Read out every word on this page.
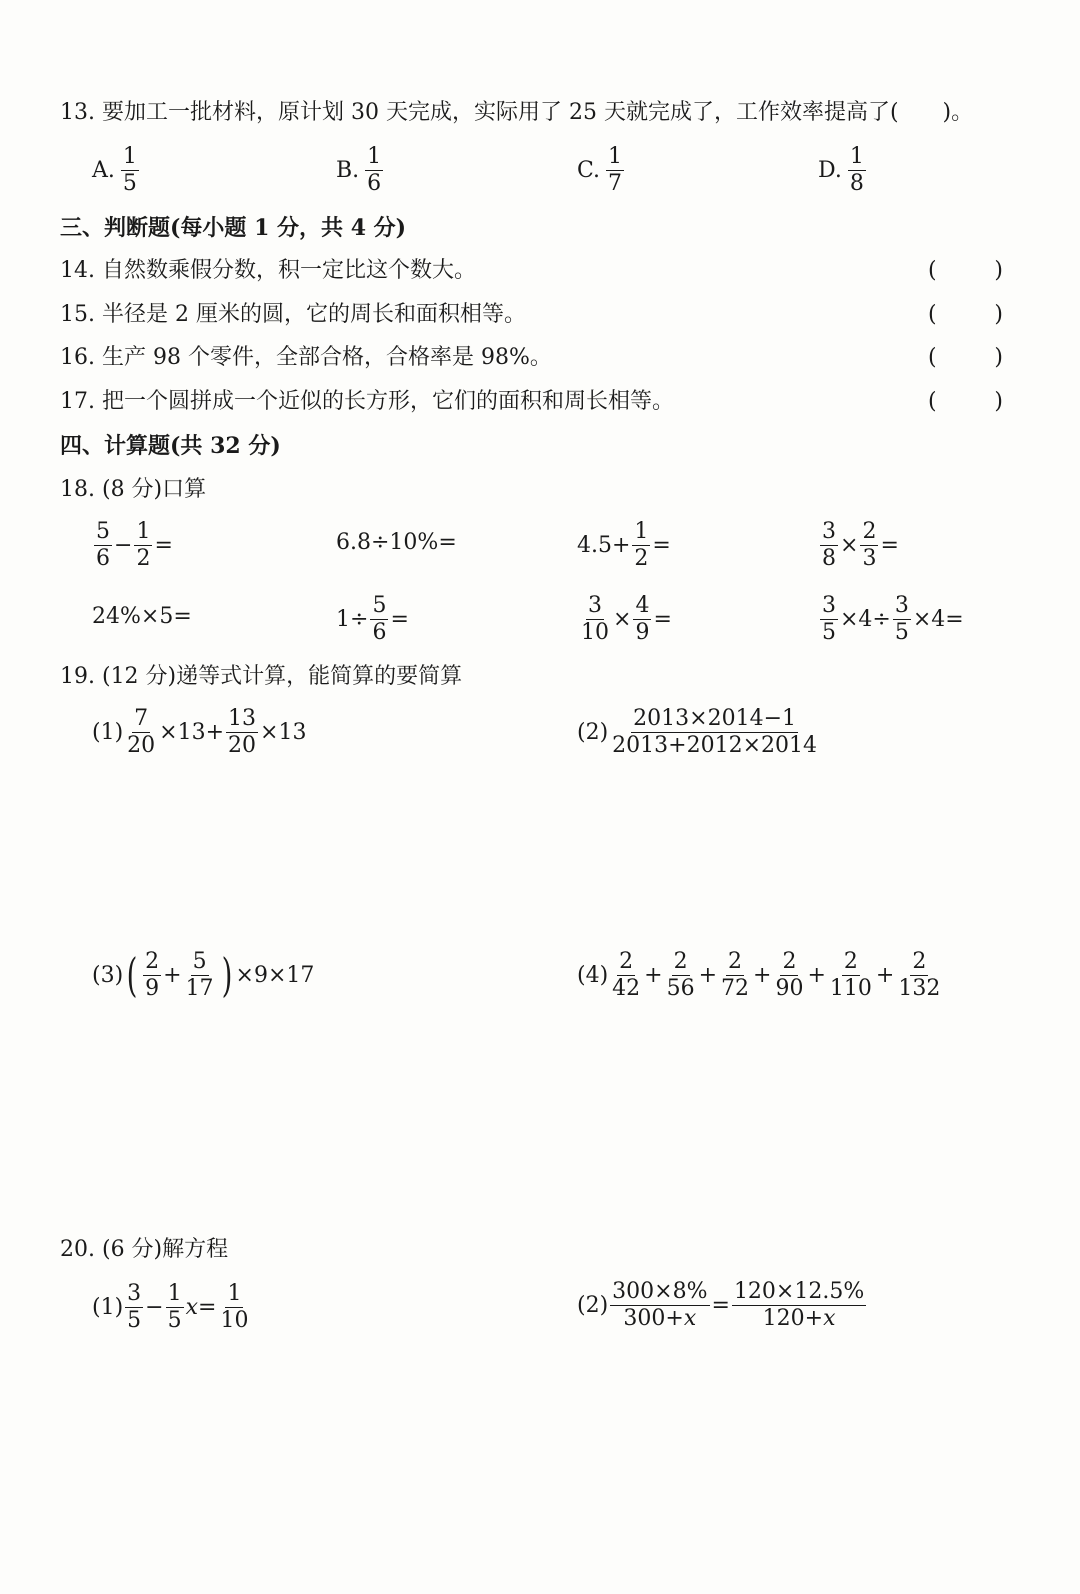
13. 要加工一批材料，原计划 30 天完成，实际用了 25 天就完成了，工作效率提高了(　　)。
A. $\frac{1}{5}$	B. $\frac{1}{6}$	C. $\frac{1}{7}$	D. $\frac{1}{8}$
三、判断题(每小题 1 分，共 4 分)
14. 自然数乘假分数，积一定比这个数大。	(	)
15. 半径是 2 厘米的圆，它的周长和面积相等。	(	)
16. 生产 98 个零件，全部合格，合格率是 98%。	(	)
17. 把一个圆拼成一个近似的长方形，它们的面积和周长相等。	(	)
四、计算题(共 32 分)
18. (8 分)口算
$\frac{5}{6} - \frac{1}{2}$ =	6.8÷10%=	$4.5+ \frac{1}{2}$ =	$\frac{3}{8} \times \frac{2}{3}$ =
24%×5=	$1\div \frac{5}{6}$ =	$\frac{3}{10} \times \frac{4}{9}$ =	$\frac{3}{5} \times 4\div \frac{3}{5} \times 4=$
19. (12 分)递等式计算，能简算的要简算
$(1) \frac{7}{20} \times 13+ \frac{13}{20} \times 13$	$(2) \frac{2013\times 2014-1}{2013+2012\times 2014}$
(3) ( $\frac{2}{9} + \frac{5}{17}$ ) ×9×17	$(4) \frac{2}{42} + \frac{2}{56} + \frac{2}{72} + \frac{2}{90} + \frac{2}{110} + \frac{2}{132}$
20. (6 分)解方程
$(1) \frac{3}{5} - \frac{1}{5}$ $x = \frac{1}{10}$	$(2) \frac{300\times 8\%}{300+x} = \frac{120\times 12.5\%}{120+x}$
